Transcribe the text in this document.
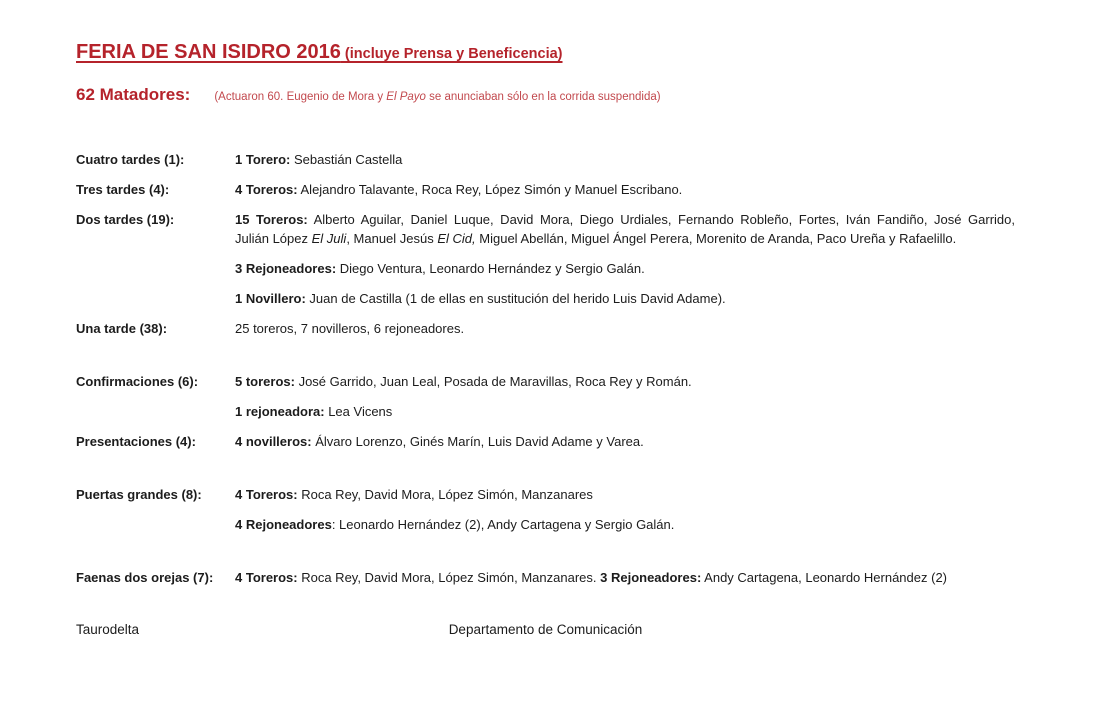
FERIA DE SAN ISIDRO 2016 (incluye Prensa y Beneficencia)
62 Matadores: (Actuaron 60. Eugenio de Mora y El Payo se anunciaban sólo en la corrida suspendida)
Cuatro tardes (1):	1 Torero: Sebastián Castella
Tres tardes (4):	4 Toreros: Alejandro Talavante, Roca Rey, López Simón y Manuel Escribano.
Dos tardes (19):	15 Toreros: Alberto Aguilar, Daniel Luque, David Mora, Diego Urdiales, Fernando Robleño, Fortes, Iván Fandiño, José Garrido,
Julián López El Juli, Manuel Jesús El Cid, Miguel Abellán, Miguel Ángel Perera, Morenito de Aranda, Paco Ureña y Rafaelillo.
3 Rejoneadores: Diego Ventura, Leonardo Hernández y Sergio Galán.
1 Novillero: Juan de Castilla (1 de ellas en sustitución del herido Luis David Adame).
Una tarde (38):	25 toreros, 7 novilleros, 6 rejoneadores.
Confirmaciones (6):	5 toreros: José Garrido, Juan Leal, Posada de Maravillas, Roca Rey y Román.
1 rejoneadora: Lea Vicens
Presentaciones (4):	4 novilleros: Álvaro Lorenzo, Ginés Marín, Luis David Adame y Varea.
Puertas grandes (8):	4 Toreros: Roca Rey, David Mora, López Simón, Manzanares
4 Rejoneadores: Leonardo Hernández (2), Andy Cartagena y Sergio Galán.
Faenas dos orejas (7):	4 Toreros: Roca Rey, David Mora, López Simón, Manzanares. 3 Rejoneadores: Andy Cartagena, Leonardo Hernández (2)
Taurodelta	Departamento de Comunicación
